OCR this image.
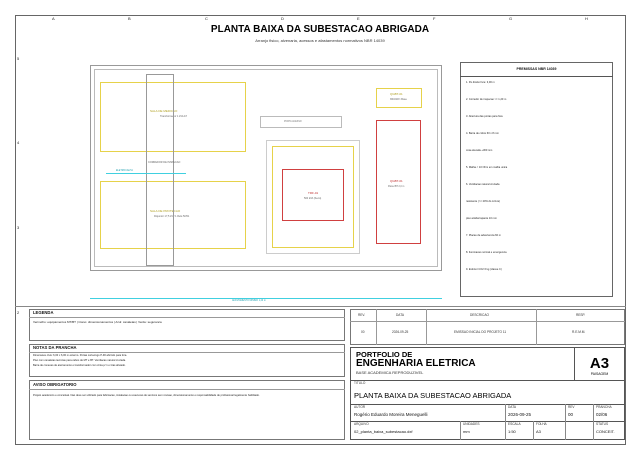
A	B	C	D	E	F	G	H
5
4
3
2
PLANTA BAIXA DA SUBESTACAO ABRIGADA
Arranjo fisico, alvenaria, acessos e afastamentos normativos NBR 14039
SALA DE MEDICAO
Transformador 1 kVA AT
SALA DE PROTECAO
Disjuntor 17,5 kV / 1 Relé 50/51
CORREDOR DE INSPECAO
ELETROCALHA
TRF-01
500 kVA (Seco)
PORTA ACESSO
QGBT-01
380/220V 3Fase
QGBT-01
Painel BT 2,0 m
AFASTAMENTO MINIMO 1,20 m
PREMISSAS NBR 14039
1. Pe direito livre: 3,00 m
2. Corredor de inspecao >= 1,20 m
3. Abertura das portas para fora
4. Barra de cobre 60 x 8 mm
cota elevada +300 mm
5. Malha < 10 Ohm em malha unica
6. Ventilacao natural cruzada
resistente (>= 20% do A.livre)
piso antiderrapante 10 mm
7. Placas de advertencia 60 m
8. Iluminacao normal e emergencia
9. Extintor CO2 6 kg (classe C)
LEGENDA
Vermelho: equipamentos MT/BT | Ciano: dimensionamentos | Azul: canaletas | Verde: seguranca
NOTAS DA PRANCHA
Dimensoes civis: 6,00 x 6,00 m externo. Portas corta-fogo P-90 abrindo para fora.
Piso com canaletas tecnicas para cabos de MT e BT. Ventilacao natural cruzada.
Barra de conexao de aterramento e transformador com cinta p/ 1 e tiras aliviado.
AVISO OBRIGATORIO
Projeto academico e conceitual. Nao deve ser utilizado para fabricacao, instalacao ou execucao de servicos sem revisao, dimensionamento e responsabilidade de profissional legalmente habilitado.
REV.	DATA	DESCRICAO	RESP.
00	2026-09-25	EMISSAO INICIAL DO PROJETO 11	R.E.M.M.
PORTFOLIO DE
ENGENHARIA ELETRICA
BASE ACADEMICA REPRODUZIVEL
A3
PAISAGEM
TITULO
PLANTA BAIXA DA SUBESTACAO ABRIGADA
AUTOR
Rogério Eduardo Moreira Meneguelli
DATA
2026-09-25
REV
00
PRANCHA
02/06
ARQUIVO
02_planta_baixa_subestacao.dxf
UNIDADES
mm
ESCALA
1:50
FOLHA
A3
STATUS
CONCEIT.
